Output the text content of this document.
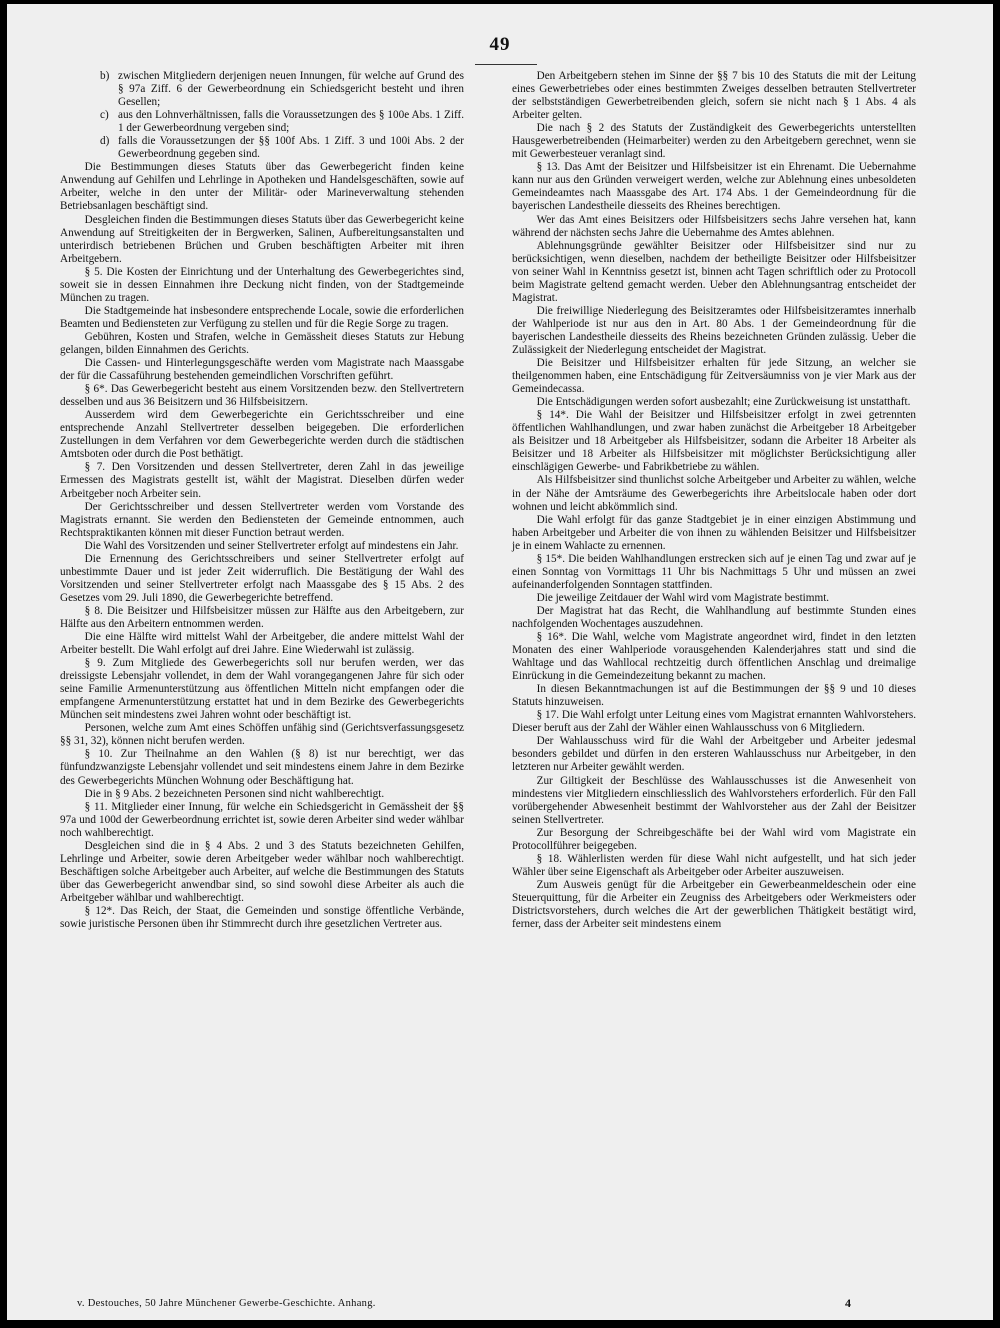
49
b) zwischen Mitgliedern derjenigen neuen Innungen, für welche auf Grund des § 97a Ziff. 6 der Gewerbeordnung ein Schiedsgericht besteht und ihren Gesellen;
c) aus den Lohnverhältnissen, falls die Voraussetzungen des § 100e Abs. 1 Ziff. 1 der Gewerbeordnung vergeben sind;
d) falls die Voraussetzungen der §§ 100f Abs. 1 Ziff. 3 und 100i Abs. 2 der Gewerbeordnung gegeben sind.

Die Bestimmungen dieses Statuts über das Gewerbegericht finden keine Anwendung auf Gehilfen und Lehrlinge in Apotheken und Handelsgeschäften, sowie auf Arbeiter, welche in den unter der Militär- oder Marineverwaltung stehenden Betriebsanlagen beschäftigt sind.

Desgleichen finden die Bestimmungen dieses Statuts über das Gewerbegericht keine Anwendung auf Streitigkeiten der in Bergwerken, Salinen, Aufbereitungsanstalten und unterirdisch betriebenen Brüchen und Gruben beschäftigten Arbeiter mit ihren Arbeitgebern.

§ 5. Die Kosten der Einrichtung und der Unterhaltung des Gewerbegerichtes sind, soweit sie in dessen Einnahmen ihre Deckung nicht finden, von der Stadtgemeinde München zu tragen.

Die Stadtgemeinde hat insbesondere entsprechende Locale, sowie die erforderlichen Beamten und Bediensteten zur Verfügung zu stellen und für die Regie Sorge zu tragen.

Gebühren, Kosten und Strafen, welche in Gemässheit dieses Statuts zur Hebung gelangen, bilden Einnahmen des Gerichts.

Die Cassen- und Hinterlegungsgeschäfte werden vom Magistrate nach Maassgabe der für die Cassaführung bestehenden gemeindlichen Vorschriften geführt.

§ 6*. Das Gewerbegericht besteht aus einem Vorsitzenden bezw. den Stellvertretern desselben und aus 36 Beisitzern und 36 Hilfsbeisitzern.

Ausserdem wird dem Gewerbegerichte ein Gerichtsschreiber und eine entsprechende Anzahl Stellvertreter desselben beigegeben. Die erforderlichen Zustellungen in dem Verfahren vor dem Gewerbegerichte werden durch die städtischen Amtsboten oder durch die Post bethätigt.

§ 7. Den Vorsitzenden und dessen Stellvertreter, deren Zahl in das jeweilige Ermessen des Magistrats gestellt ist, wählt der Magistrat. Dieselben dürfen weder Arbeitgeber noch Arbeiter sein.

Der Gerichtsschreiber und dessen Stellvertreter werden vom Vorstande des Magistrats ernannt. Sie werden den Bediensteten der Gemeinde entnommen, auch Rechtspraktikanten können mit dieser Function betraut werden.

Die Wahl des Vorsitzenden und seiner Stellvertreter erfolgt auf mindestens ein Jahr.

Die Ernennung des Gerichtsschreibers und seiner Stellvertreter erfolgt auf unbestimmte Dauer und ist jeder Zeit widerruflich. Die Bestätigung der Wahl des Vorsitzenden und seiner Stellvertreter erfolgt nach Maassgabe des § 15 Abs. 2 des Gesetzes vom 29. Juli 1890, die Gewerbegerichte betreffend.

§ 8. Die Beisitzer und Hilfsbeisitzer müssen zur Hälfte aus den Arbeitgebern, zur Hälfte aus den Arbeitern entnommen werden.

Die eine Hälfte wird mittelst Wahl der Arbeitgeber, die andere mittelst Wahl der Arbeiter bestellt. Die Wahl erfolgt auf drei Jahre. Eine Wiederwahl ist zulässig.

§ 9. Zum Mitgliede des Gewerbegerichts soll nur berufen werden, wer das dreissigste Lebensjahr vollendet, in dem der Wahl vorangegangenen Jahre für sich oder seine Familie Armenunterstützung aus öffentlichen Mitteln nicht empfangen oder die empfangene Armenunterstützung erstattet hat und in dem Bezirke des Gewerbegerichts München seit mindestens zwei Jahren wohnt oder beschäftigt ist.

Personen, welche zum Amt eines Schöffen unfähig sind (Gerichtsverfassungsgesetz §§ 31, 32), können nicht berufen werden.

§ 10. Zur Theilnahme an den Wahlen (§ 8) ist nur berechtigt, wer das fünfundzwanzigste Lebensjahr vollendet und seit mindestens einem Jahre in dem Bezirke des Gewerbegerichts München Wohnung oder Beschäftigung hat.

Die in § 9 Abs. 2 bezeichneten Personen sind nicht wahlberechtigt.

§ 11. Mitglieder einer Innung, für welche ein Schiedsgericht in Gemässheit der §§ 97a und 100d der Gewerbeordnung errichtet ist, sowie deren Arbeiter sind weder wählbar noch wahlberechtigt.

Desgleichen sind die in § 4 Abs. 2 und 3 des Statuts bezeichneten Gehilfen, Lehrlinge und Arbeiter, sowie deren Arbeitgeber weder wählbar noch wahlberechtigt. Beschäftigen solche Arbeitgeber auch Arbeiter, auf welche die Bestimmungen des Statuts über das Gewerbegericht anwendbar sind, so sind sowohl diese Arbeiter als auch die Arbeitgeber wählbar und wahlberechtigt.

§ 12*. Das Reich, der Staat, die Gemeinden und sonstige öffentliche Verbände, sowie juristische Personen üben ihr Stimmrecht durch ihre gesetzlichen Vertreter aus.

Den Arbeitgebern stehen im Sinne der §§ 7 bis 10 des Statuts die mit der Leitung eines Gewerbetriebes oder eines bestimmten Zweiges desselben betrauten Stellvertreter der selbstständigen Gewerbetreibenden gleich, sofern sie nicht nach § 1 Abs. 4 als Arbeiter gelten.

Die nach § 2 des Statuts der Zuständigkeit des Gewerbegerichts unterstellten Hausgewerbetreibenden (Heimarbeiter) werden zu den Arbeitgebern gerechnet, wenn sie mit Gewerbesteuer veranlagt sind.

§ 13. Das Amt der Beisitzer und Hilfsbeisitzer ist ein Ehrenamt. Die Uebernahme kann nur aus den Gründen verweigert werden, welche zur Ablehnung eines unbesoldeten Gemeindeamtes nach Maassgabe des Art. 174 Abs. 1 der Gemeindeordnung für die bayerischen Landestheile diesseits des Rheines berechtigen.

Wer das Amt eines Beisitzers oder Hilfsbeisitzers sechs Jahre versehen hat, kann während der nächsten sechs Jahre die Uebernahme des Amtes ablehnen.

Ablehnungsgründe gewählter Beisitzer oder Hilfsbeisitzer sind nur zu berücksichtigen, wenn dieselben, nachdem der betheiligte Beisitzer oder Hilfsbeisitzer von seiner Wahl in Kenntniss gesetzt ist, binnen acht Tagen schriftlich oder zu Protocoll beim Magistrate geltend gemacht werden. Ueber den Ablehnungsantrag entscheidet der Magistrat.

Die freiwillige Niederlegung des Beisitzeramtes oder Hilfsbeisitzeramtes innerhalb der Wahlperiode ist nur aus den in Art. 80 Abs. 1 der Gemeindeordnung für die bayerischen Landestheile diesseits des Rheins bezeichneten Gründen zulässig. Ueber die Zulässigkeit der Niederlegung entscheidet der Magistrat.

Die Beisitzer und Hilfsbeisitzer erhalten für jede Sitzung, an welcher sie theilgenommen haben, eine Entschädigung für Zeitversäumniss von je vier Mark aus der Gemeindecassa.

Die Entschädigungen werden sofort ausbezahlt; eine Zurückweisung ist unstatthaft.

§ 14*. Die Wahl der Beisitzer und Hilfsbeisitzer erfolgt in zwei getrennten öffentlichen Wahlhandlungen, und zwar haben zunächst die Arbeitgeber 18 Arbeitgeber als Beisitzer und 18 Arbeitgeber als Hilfsbeisitzer, sodann die Arbeiter 18 Arbeiter als Beisitzer und 18 Arbeiter als Hilfsbeisitzer mit möglichster Berücksichtigung aller einschlägigen Gewerbe- und Fabrikbetriebe zu wählen.

Als Hilfsbeisitzer sind thunlichst solche Arbeitgeber und Arbeiter zu wählen, welche in der Nähe der Amtsräume des Gewerbegerichts ihre Arbeitslocale haben oder dort wohnen und leicht abkömmlich sind.

Die Wahl erfolgt für das ganze Stadtgebiet je in einer einzigen Abstimmung und haben Arbeitgeber und Arbeiter die von ihnen zu wählenden Beisitzer und Hilfsbeisitzer je in einem Wahlacte zu ernennen.

§ 15*. Die beiden Wahlhandlungen erstrecken sich auf je einen Tag und zwar auf je einen Sonntag von Vormittags 11 Uhr bis Nachmittags 5 Uhr und müssen an zwei aufeinanderfolgenden Sonntagen stattfinden.

Die jeweilige Zeitdauer der Wahl wird vom Magistrate bestimmt.

Der Magistrat hat das Recht, die Wahlhandlung auf bestimmte Stunden eines nachfolgenden Wochentages auszudehnen.

§ 16*. Die Wahl, welche vom Magistrate angeordnet wird, findet in den letzten Monaten des einer Wahlperiode vorausgehenden Kalenderjahres statt und sind die Wahltage und das Wahllocal rechtzeitig durch öffentlichen Anschlag und dreimalige Einrückung in die Gemeindezeitung bekannt zu machen.

In diesen Bekanntmachungen ist auf die Bestimmungen der §§ 9 und 10 dieses Statuts hinzuweisen.

§ 17. Die Wahl erfolgt unter Leitung eines vom Magistrat ernannten Wahlvorstehers. Dieser beruft aus der Zahl der Wähler einen Wahlausschuss von 6 Mitgliedern.

Der Wahlausschuss wird für die Wahl der Arbeitgeber und Arbeiter jedesmal besonders gebildet und dürfen in den ersteren Wahlausschuss nur Arbeitgeber, in den letzteren nur Arbeiter gewählt werden.

Zur Giltigkeit der Beschlüsse des Wahlausschusses ist die Anwesenheit von mindestens vier Mitgliedern einschliesslich des Wahlvorstehers erforderlich. Für den Fall vorübergehender Abwesenheit bestimmt der Wahlvorsteher aus der Zahl der Beisitzer seinen Stellvertreter.

Zur Besorgung der Schreibgeschäfte bei der Wahl wird vom Magistrate ein Protocollführer beigegeben.

§ 18. Wählerlisten werden für diese Wahl nicht aufgestellt, und hat sich jeder Wähler über seine Eigenschaft als Arbeitgeber oder Arbeiter auszuweisen.

Zum Ausweis genügt für die Arbeitgeber ein Gewerbeanmeldeschein oder eine Steuerquittung, für die Arbeiter ein Zeugniss des Arbeitgebers oder Werkmeisters oder Districtsvorstehers, durch welches die Art der gewerblichen Thätigkeit bestätigt wird, ferner, dass der Arbeiter seit mindestens einem

v. Destouches, 50 Jahre Münchener Gewerbe-Geschichte. Anhang.	4
